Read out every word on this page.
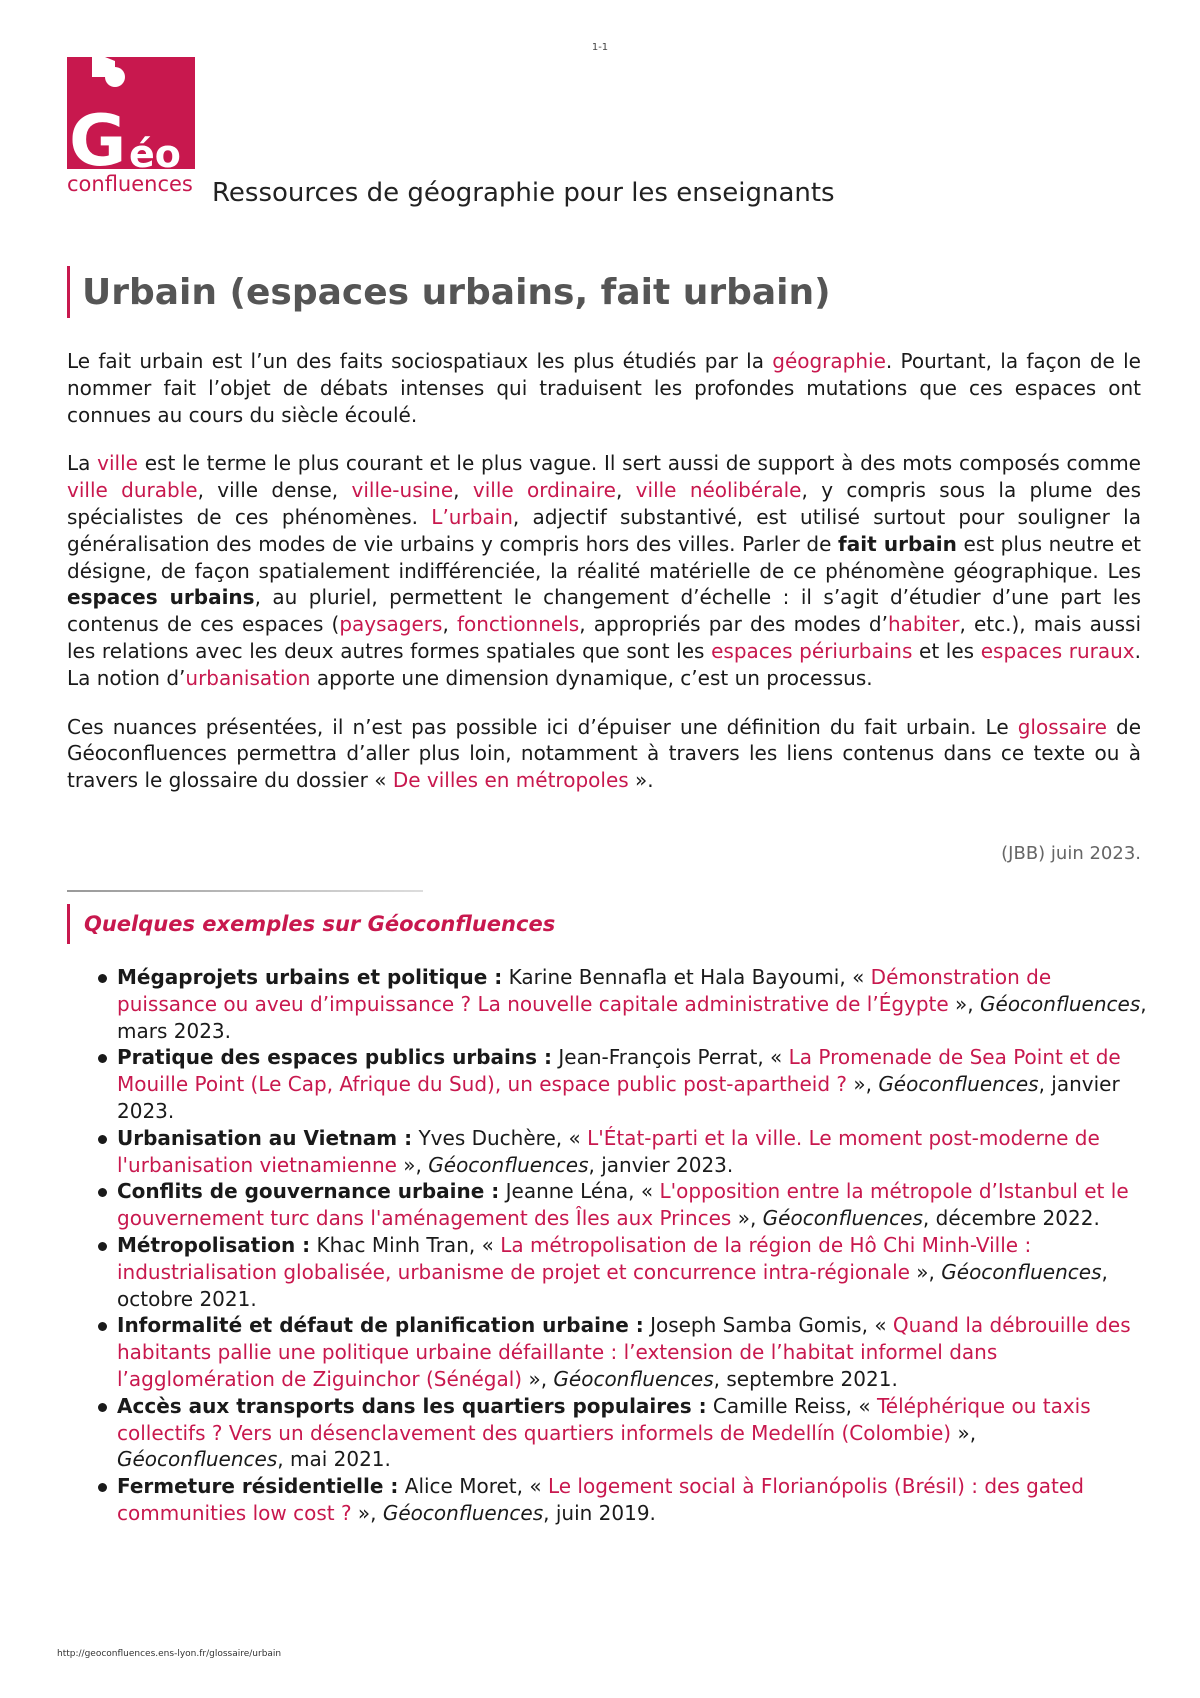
1-1
G éo
confluences Ressources de géographie pour les enseignants
Urbain (espaces urbains, fait urbain)

Le fait urbain est l’un des faits sociospatiaux les plus étudiés par la géographie. Pourtant, la façon de le nommer fait l’objet de débats intenses qui traduisent les profondes mutations que ces espaces ont connues au cours du siècle écoulé.

La ville est le terme le plus courant et le plus vague. Il sert aussi de support à des mots composés comme ville durable, ville dense, ville-usine, ville ordinaire, ville néolibérale, y compris sous la plume des spécialistes de ces phénomènes. L’urbain, adjectif substantivé, est utilisé surtout pour souligner la généralisation des modes de vie urbains y compris hors des villes. Parler de fait urbain est plus neutre et désigne, de façon spatialement indifférenciée, la réalité matérielle de ce phénomène géographique. Les espaces urbains, au pluriel, permettent le changement d’échelle : il s’agit d’étudier d’une part les contenus de ces espaces (paysagers, fonctionnels, appropriés par des modes d’habiter, etc.), mais aussi les relations avec les deux autres formes spatiales que sont les espaces périurbains et les espaces ruraux. La notion d’urbanisation apporte une dimension dynamique, c’est un processus.

Ces nuances présentées, il n’est pas possible ici d’épuiser une définition du fait urbain. Le glossaire de Géoconfluences permettra d’aller plus loin, notamment à travers les liens contenus dans ce texte ou à travers le glossaire du dossier « De villes en métropoles ».

(JBB) juin 2023.
Quelques exemples sur Géoconfluences
Mégaprojets urbains et politique : Karine Bennafla et Hala Bayoumi, « Démonstration de puissance ou aveu d’impuissance ? La nouvelle capitale administrative de l’Égypte », Géoconfluences, mars 2023.
Pratique des espaces publics urbains : Jean-François Perrat, « La Promenade de Sea Point et de Mouille Point (Le Cap, Afrique du Sud), un espace public post-apartheid ? », Géoconfluences, janvier 2023.
Urbanisation au Vietnam : Yves Duchère, « L'État-parti et la ville. Le moment post-moderne de l'urbanisation vietnamienne », Géoconfluences, janvier 2023.
Conflits de gouvernance urbaine : Jeanne Léna, « L'opposition entre la métropole d’Istanbul et le gouvernement turc dans l'aménagement des Îles aux Princes », Géoconfluences, décembre 2022.
Métropolisation : Khac Minh Tran, « La métropolisation de la région de Hô Chi Minh-Ville : industrialisation globalisée, urbanisme de projet et concurrence intra-régionale », Géoconfluences, octobre 2021.
Informalité et défaut de planification urbaine : Joseph Samba Gomis, « Quand la débrouille des habitants pallie une politique urbaine défaillante : l’extension de l’habitat informel dans l’agglomération de Ziguinchor (Sénégal) », Géoconfluences, septembre 2021.
Accès aux transports dans les quartiers populaires : Camille Reiss, « Téléphérique ou taxis collectifs ? Vers un désenclavement des quartiers informels de Medellín (Colombie) », Géoconfluences, mai 2021.
Fermeture résidentielle : Alice Moret, « Le logement social à Florianópolis (Brésil) : des gated communities low cost ? », Géoconfluences, juin 2019.
http://geoconfluences.ens-lyon.fr/glossaire/urbain
